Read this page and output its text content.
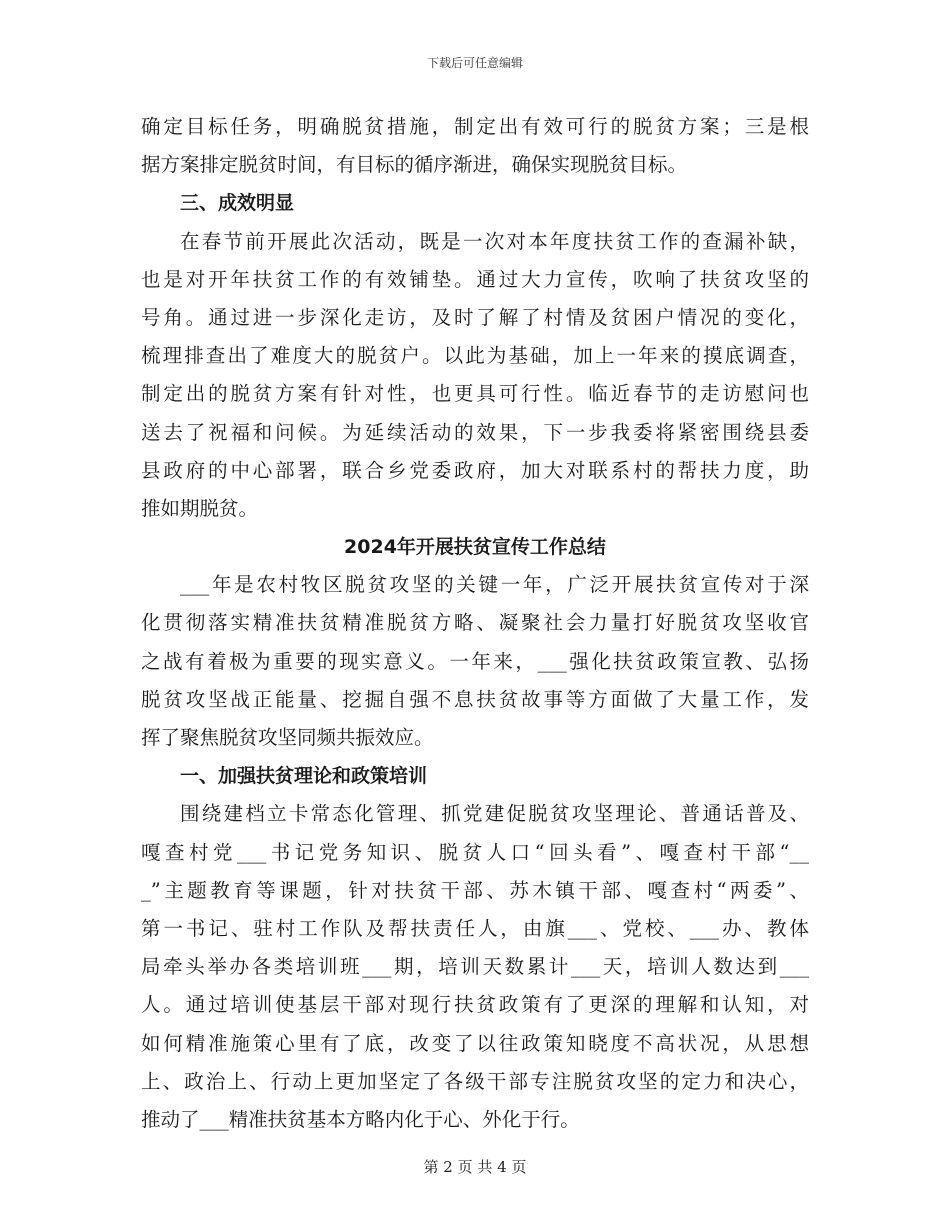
下载后可任意编辑
确定目标任务，明确脱贫措施，制定出有效可行的脱贫方案；三是根
据方案排定脱贫时间，有目标的循序渐进，确保实现脱贫目标。
三、成效明显
在春节前开展此次活动，既是一次对本年度扶贫工作的查漏补缺，
也是对开年扶贫工作的有效铺垫。通过大力宣传，吹响了扶贫攻坚的
号角。通过进一步深化走访，及时了解了村情及贫困户情况的变化，
梳理排查出了难度大的脱贫户。以此为基础，加上一年来的摸底调查，
制定出的脱贫方案有针对性，也更具可行性。临近春节的走访慰问也
送去了祝福和问候。为延续活动的效果，下一步我委将紧密围绕县委
县政府的中心部署，联合乡党委政府，加大对联系村的帮扶力度，助
推如期脱贫。
2024年开展扶贫宣传工作总结
___年是农村牧区脱贫攻坚的关键一年，广泛开展扶贫宣传对于深
化贯彻落实精准扶贫精准脱贫方略、凝聚社会力量打好脱贫攻坚收官
之战有着极为重要的现实意义。一年来，___强化扶贫政策宣教、弘扬
脱贫攻坚战正能量、挖掘自强不息扶贫故事等方面做了大量工作，发
挥了聚焦脱贫攻坚同频共振效应。
一、加强扶贫理论和政策培训
围绕建档立卡常态化管理、抓党建促脱贫攻坚理论、普通话普及、
嘎查村党___书记党务知识、脱贫人口“回头看”、嘎查村干部“__
_”主题教育等课题，针对扶贫干部、苏木镇干部、嘎查村“两委”、
第一书记、驻村工作队及帮扶责任人，由旗___、党校、___办、教体
局牵头举办各类培训班___期，培训天数累计___天，培训人数达到___
人。通过培训使基层干部对现行扶贫政策有了更深的理解和认知，对
如何精准施策心里有了底，改变了以往政策知晓度不高状况，从思想
上、政治上、行动上更加坚定了各级干部专注脱贫攻坚的定力和决心，
推动了___精准扶贫基本方略内化于心、外化于行。
第 2 页 共 4 页
